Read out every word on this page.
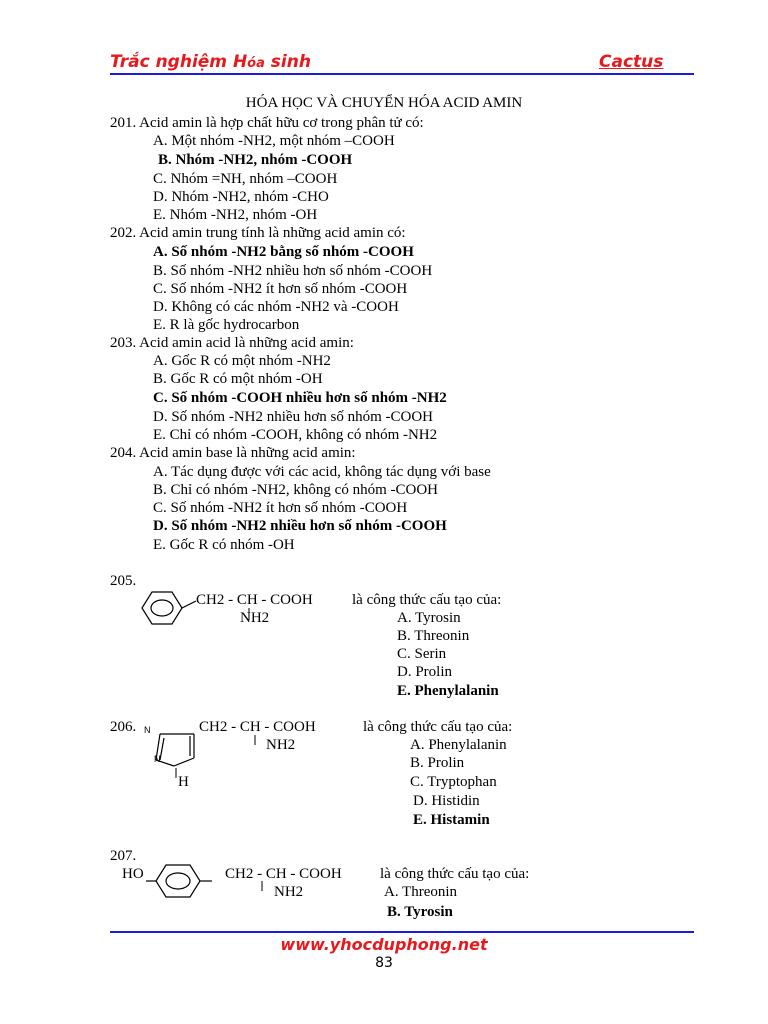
Trắc nghiệm Hóa sinh	Cactus
HÓA HỌC VÀ CHUYỂN HÓA ACID AMIN
201. Acid amin là hợp chất hữu cơ trong phân tử có:
A. Một nhóm -NH2, một nhóm –COOH
B. Nhóm -NH2, nhóm -COOH
C. Nhóm =NH, nhóm –COOH
D. Nhóm -NH2, nhóm -CHO
E. Nhóm -NH2, nhóm -OH
202. Acid amin trung tính là những acid amin có:
A. Số nhóm -NH2 bằng số nhóm -COOH
B. Số nhóm -NH2 nhiều hơn số nhóm -COOH
C. Số nhóm -NH2 ít hơn số nhóm -COOH
D. Không có các nhóm -NH2 và -COOH
E. R là gốc hydrocarbon
203. Acid amin acid là những acid amin:
A. Gốc R có một nhóm -NH2
B. Gốc R có một nhóm -OH
C. Số nhóm -COOH nhiều hơn số nhóm -NH2
D. Số nhóm -NH2 nhiều hơn số nhóm -COOH
E. Chỉ có nhóm -COOH, không có nhóm -NH2
204. Acid amin base là những acid amin:
A. Tác dụng được với các acid, không tác dụng với base
B. Chỉ có nhóm -NH2, không có nhóm -COOH
C. Số nhóm -NH2 ít hơn số nhóm -COOH
D. Số nhóm -NH2 nhiều hơn số nhóm -COOH
E. Gốc R có nhóm -OH
205.
CH2 - CH - COOH
NH2
là công thức cấu tạo của:
A. Tyrosin
B. Threonin
C. Serin
D. Prolin
E. Phenylalanin
206. N
N
H
CH2 - CH - COOH
NH2
là công thức cấu tạo của:
A. Phenylalanin
B. Prolin
C. Tryptophan
D. Histidin
E. Histamin
207.
HO	CH2 - CH - COOH
NH2
là công thức cấu tạo của:
A. Threonin
B. Tyrosin
www.yhocduphong.net
83
